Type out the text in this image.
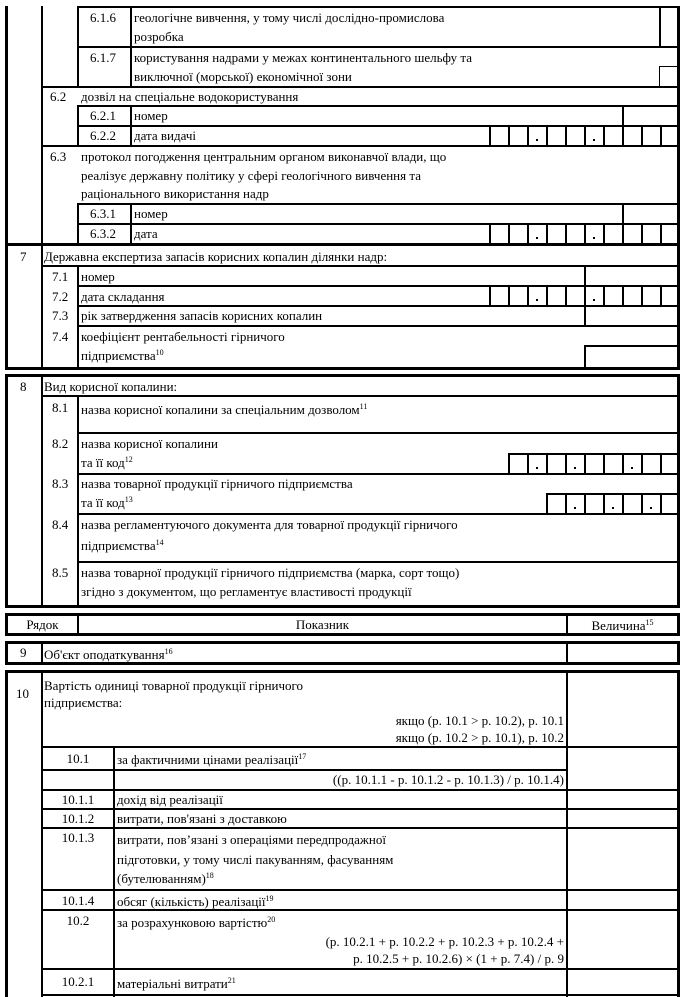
6.1.6 геологічне вивчення, у тому числі дослідно-промислова
розробка
6.1.7 користування надрами у межах континентального шельфу та
виключної (морської) економічної зони
6.2 дозвіл на спеціальне водокористування
6.2.1 номер
6.2.2 дата видачі
6.3 протокол погодження центральним органом виконавчої влади, що
реалізує державну політику у сфері геологічного вивчення та
раціонального використання надр
6.3.1 номер
6.3.2 дата
7 Державна експертиза запасів корисних копалин ділянки надр:
7.1 номер
7.2 дата складання
7.3 рік затвердження запасів корисних копалин
7.4 коефіцієнт рентабельності гірничого
підприємства$^{10}$
8 Вид корисної копалини:
8.1 назва корисної копалини за спеціальним дозволом$^{11}$
8.2 назва корисної копалини
та її код$^{12}$
8.3 назва товарної продукції гірничого підприємства
та її код$^{13}$
8.4 назва регламентуючого документа для товарної продукції гірничого
підприємства$^{14}$
8.5 назва товарної продукції гірничого підприємства (марка, сорт тощо)
згідно з документом, що регламентує властивості продукції
Рядок	Показник	Величина$^{15}$
9 Об'єкт оподаткування$^{16}$
10
Вартість одиниці товарної продукції гірничого
підприємства:
якщо (р. 10.1 > р. 10.2), р. 10.1
якщо (р. 10.2 > р. 10.1), р. 10.2
10.1	за фактичними цінами реалізації$^{17}$
((р. 10.1.1 - р. 10.1.2 - р. 10.1.3) / р. 10.1.4)
10.1.1	дохід від реалізації
10.1.2	витрати, пов'язані з доставкою
10.1.3	витрати, пов’язані з операціями передпродажної
підготовки, у тому числі пакуванням, фасуванням
(бутелюванням)$^{18}$
10.1.4	обсяг (кількість) реалізації$^{19}$
10.2	за розрахунковою вартістю$^{20}$
(р. 10.2.1 + р. 10.2.2 + р. 10.2.3 + р. 10.2.4 +
р. 10.2.5 + р. 10.2.6) × (1 + р. 7.4) / р. 9
10.2.1	матеріальні витрати$^{21}$
